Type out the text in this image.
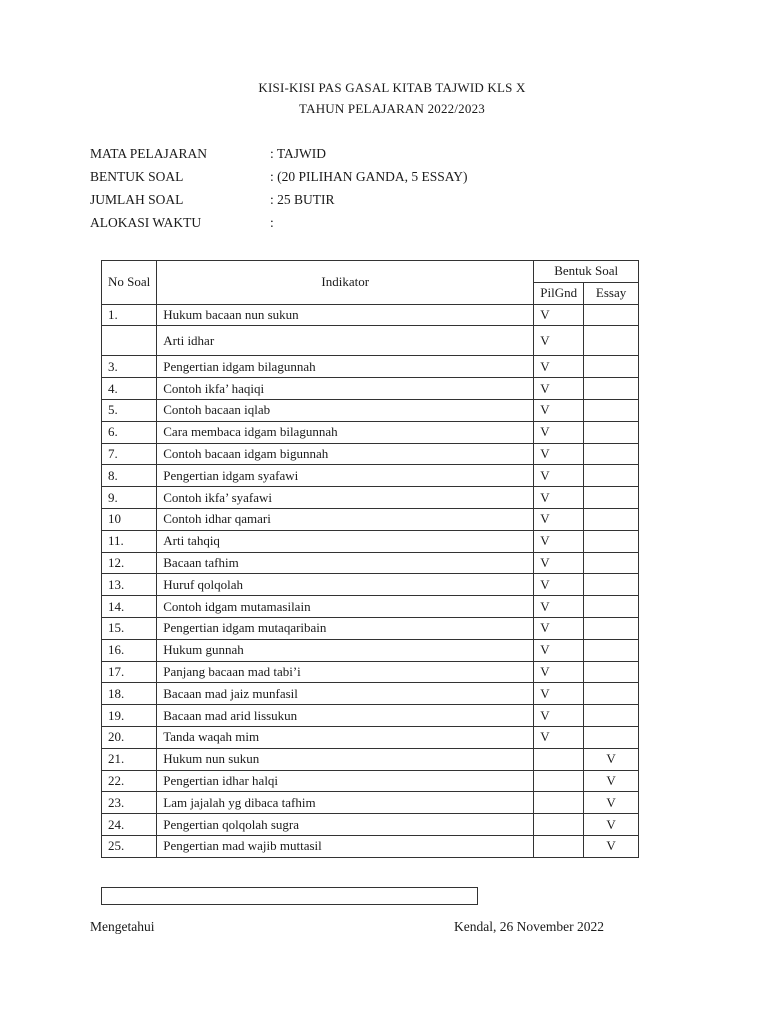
KISI-KISI PAS GASAL KITAB TAJWID KLS X
TAHUN PELAJARAN 2022/2023
MATA PELAJARAN	: TAJWID
BENTUK SOAL	: (20 PILIHAN GANDA, 5 ESSAY)
JUMLAH SOAL	: 25 BUTIR
ALOKASI WAKTU	:
No Soal	Indikator	Bentuk Soal	
		PilGnd	Essay
1.	Hukum bacaan nun sukun	V	
	Arti idhar	V	
3.	Pengertian idgam bilagunnah	V	
4.	Contoh ikfa’ haqiqi	V	
5.	Contoh bacaan iqlab	V	
6.	Cara membaca idgam bilagunnah	V	
7.	Contoh bacaan idgam bigunnah	V	
8.	Pengertian idgam syafawi	V	
9.	Contoh ikfa’ syafawi	V	
10	Contoh idhar qamari	V	
11.	Arti tahqiq	V	
12.	Bacaan tafhim	V	
13.	Huruf qolqolah	V	
14.	Contoh idgam mutamasilain	V	
15.	Pengertian idgam mutaqaribain	V	
16.	Hukum gunnah	V	
17.	Panjang bacaan mad tabi’i	V	
18.	Bacaan mad jaiz munfasil	V	
19.	Bacaan mad arid lissukun	V	
20.	Tanda waqah mim	V	
21.	Hukum nun sukun		V
22.	Pengertian idhar halqi		V
23.	Lam jajalah yg dibaca tafhim		V
24.	Pengertian qolqolah sugra		V
25.	Pengertian mad wajib muttasil		V
Mengetahui	Kendal, 26 November 2022
